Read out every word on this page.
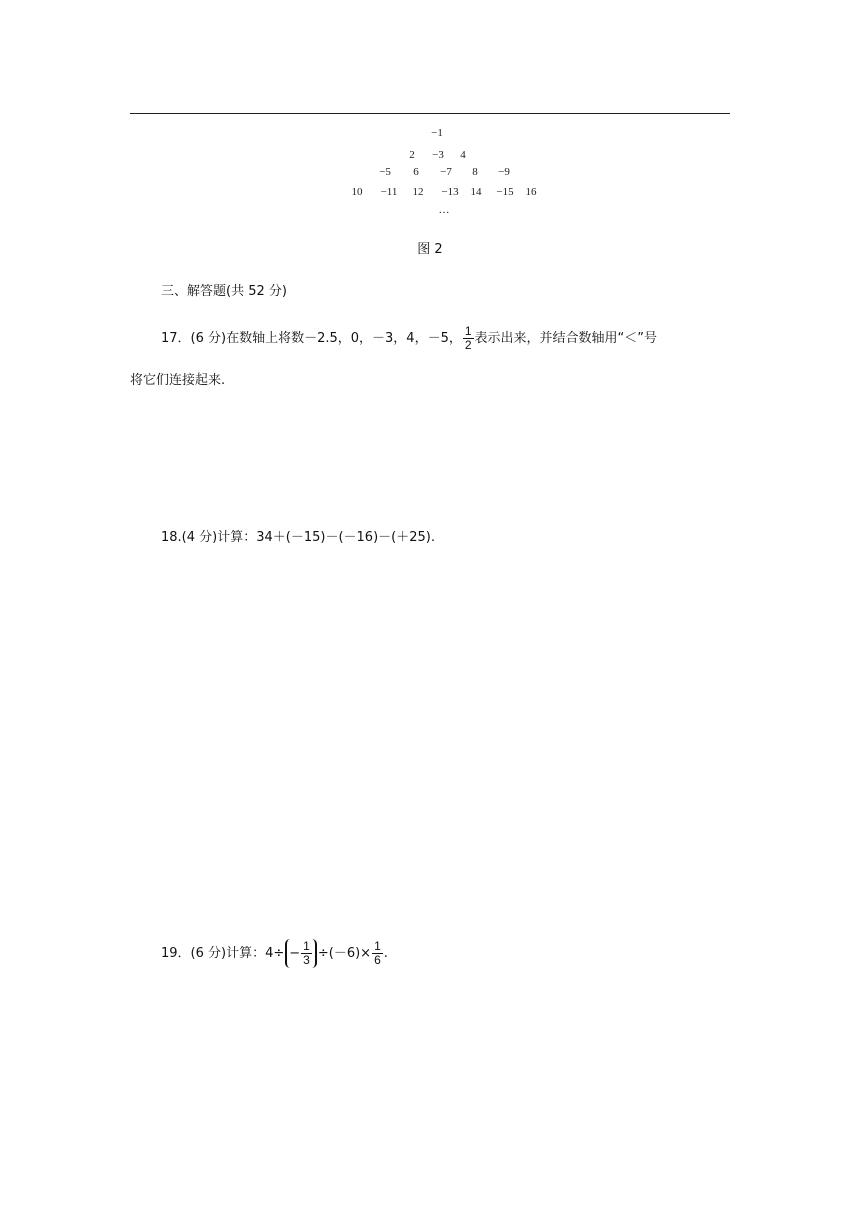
−1
2 −3 4
−5 6 −7 8 −9
10 −11 12 −13 14 −15 16
…
图 2
三、解答题(共 52 分)
17．(6 分)在数轴上将数－2.5，0，－3，4，－5， $\frac{1}{2}$ 表示出来，并结合数轴用“＜”号
将它们连接起来.
18.(4 分)计算：34＋(－15)－(－16)－(＋25).
19．(6 分)计算：$4\div - \frac{1}{3} \div(-6)\times \frac{1}{6}$ .
